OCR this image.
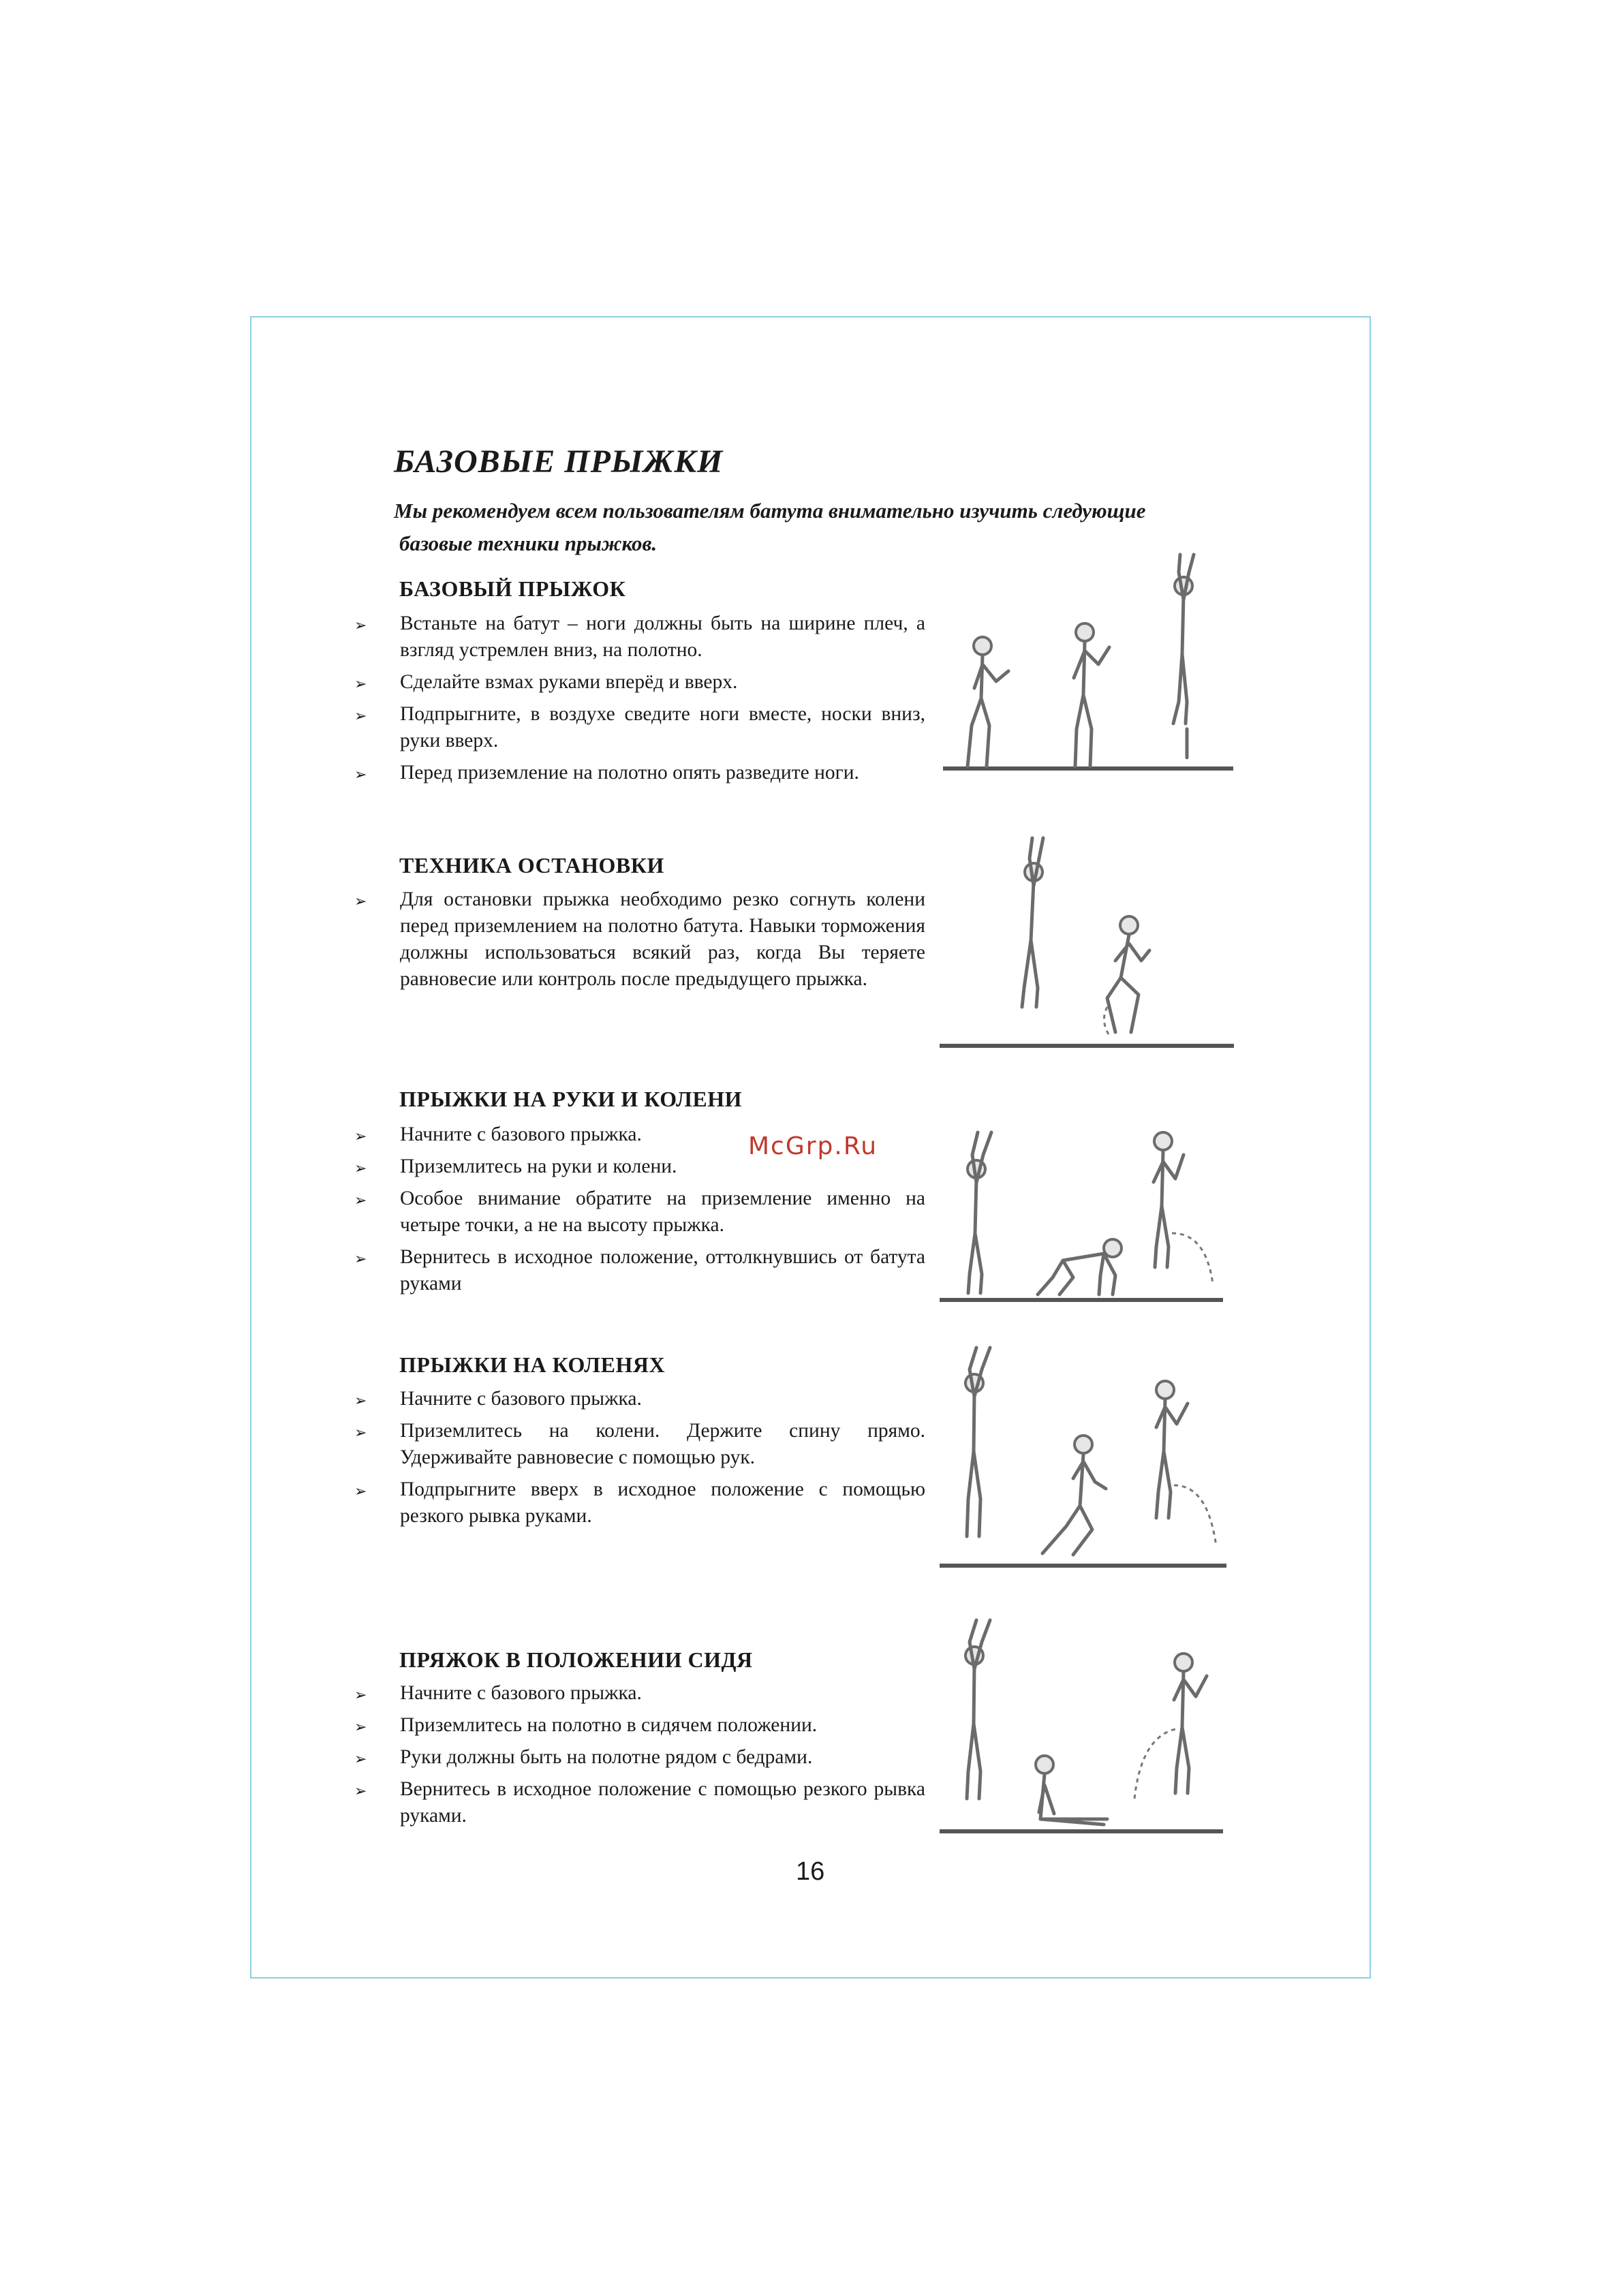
БАЗОВЫЕ ПРЫЖКИ
Мы рекомендуем всем пользователям батута внимательно изучить следующие
базовые техники прыжков.
БАЗОВЫЙ ПРЫЖОК
➢ Встаньте на батут – ноги должны быть на ширине плеч, а взгляд устремлен вниз, на полотно.
➢ Сделайте взмах руками вперёд и вверх.
➢ Подпрыгните, в воздухе сведите ноги вместе, носки вниз, руки вверх.
➢ Перед приземление на полотно опять разведите ноги.
ТЕХНИКА ОСТАНОВКИ
➢ Для остановки прыжка необходимо резко согнуть колени перед приземлением на полотно батута. Навыки торможения должны использоваться всякий раз, когда Вы теряете равновесие или контроль после предыдущего прыжка.
ПРЫЖКИ НА РУКИ И КОЛЕНИ
➢ Начните с базового прыжка.
➢ Приземлитесь на руки и колени.
➢ Особое внимание обратите на приземление именно на четыре точки, а не на высоту прыжка.
➢ Вернитесь в исходное положение, оттолкнувшись от батута руками
ПРЫЖКИ НА КОЛЕНЯХ
➢ Начните с базового прыжка.
➢ Приземлитесь на колени. Держите спину прямо. Удерживайте равновесие с помощью рук.
➢ Подпрыгните вверх в исходное положение с помощью резкого рывка руками.
ПРЯЖОК В ПОЛОЖЕНИИ СИДЯ
➢ Начните с базового прыжка.
➢ Приземлитесь на полотно в сидячем положении.
➢ Руки должны быть на полотне рядом с бедрами.
➢ Вернитесь в исходное положение с помощью резкого рывка руками.
McGrp.Ru
16
